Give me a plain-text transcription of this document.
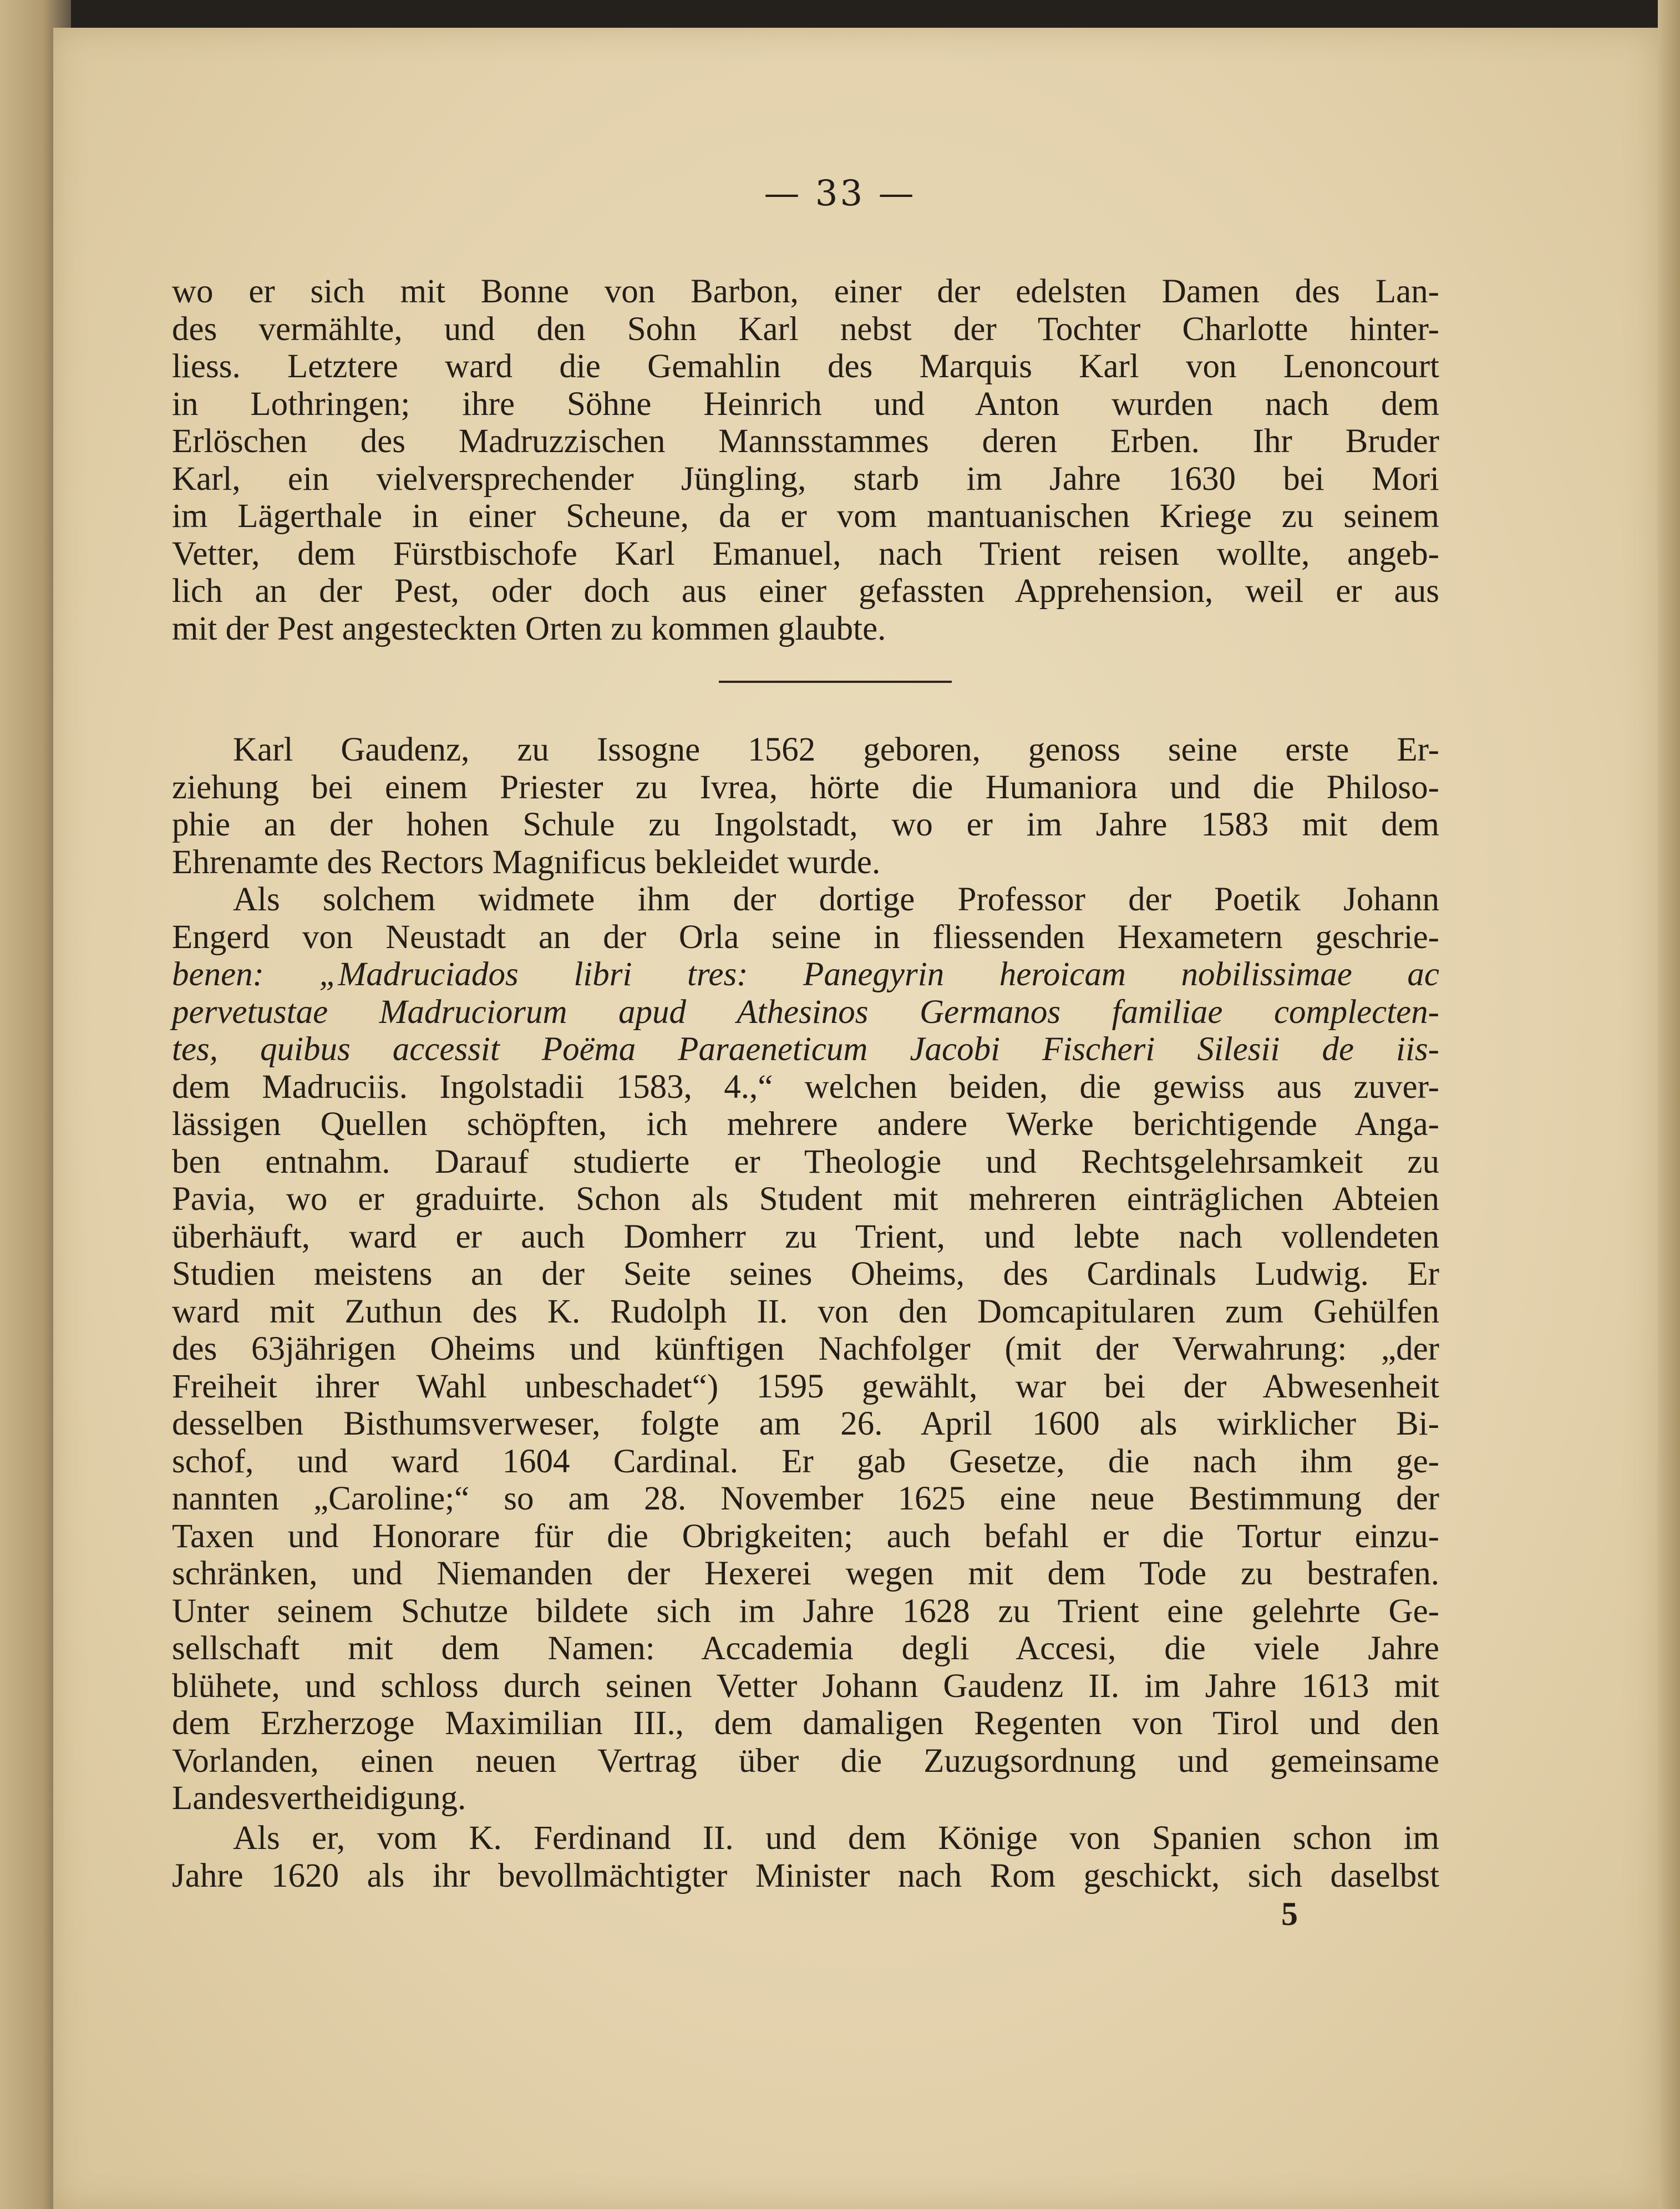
— 33 —
wo er sich mit Bonne von Barbon, einer der edelsten Damen des Lan-
des vermählte, und den Sohn Karl nebst der Tochter Charlotte hinter-
liess. Letztere ward die Gemahlin des Marquis Karl von Lenoncourt
in Lothringen; ihre Söhne Heinrich und Anton wurden nach dem
Erlöschen des Madruzzischen Mannsstammes deren Erben. Ihr Bruder
Karl, ein vielversprechender Jüngling, starb im Jahre 1630 bei Mori
im Lägerthale in einer Scheune, da er vom mantuanischen Kriege zu seinem
Vetter, dem Fürstbischofe Karl Emanuel, nach Trient reisen wollte, angeb-
lich an der Pest, oder doch aus einer gefassten Apprehension, weil er aus
mit der Pest angesteckten Orten zu kommen glaubte.
Karl Gaudenz, zu Issogne 1562 geboren, genoss seine erste Er-
ziehung bei einem Priester zu Ivrea, hörte die Humaniora und die Philoso-
phie an der hohen Schule zu Ingolstadt, wo er im Jahre 1583 mit dem
Ehrenamte des Rectors Magnificus bekleidet wurde.
Als solchem widmete ihm der dortige Professor der Poetik Johann
Engerd von Neustadt an der Orla seine in fliessenden Hexametern geschrie-
benen: „Madruciados libri tres: Panegyrin heroicam nobilissimae ac
pervetustae Madruciorum apud Athesinos Germanos familiae complecten-
tes, quibus accessit Poëma Paraeneticum Jacobi Fischeri Silesii de iis-
dem Madruciis. Ingolstadii 1583, 4.,“ welchen beiden, die gewiss aus zuver-
lässigen Quellen schöpften, ich mehrere andere Werke berichtigende Anga-
ben entnahm. Darauf studierte er Theologie und Rechtsgelehrsamkeit zu
Pavia, wo er graduirte. Schon als Student mit mehreren einträglichen Abteien
überhäuft, ward er auch Domherr zu Trient, und lebte nach vollendeten
Studien meistens an der Seite seines Oheims, des Cardinals Ludwig. Er
ward mit Zuthun des K. Rudolph II. von den Domcapitularen zum Gehülfen
des 63jährigen Oheims und künftigen Nachfolger (mit der Verwahrung: „der
Freiheit ihrer Wahl unbeschadet“) 1595 gewählt, war bei der Abwesenheit
desselben Bisthumsverweser, folgte am 26. April 1600 als wirklicher Bi-
schof, und ward 1604 Cardinal. Er gab Gesetze, die nach ihm ge-
nannten „Caroline;“ so am 28. November 1625 eine neue Bestimmung der
Taxen und Honorare für die Obrigkeiten; auch befahl er die Tortur einzu-
schränken, und Niemanden der Hexerei wegen mit dem Tode zu bestrafen.
Unter seinem Schutze bildete sich im Jahre 1628 zu Trient eine gelehrte Ge-
sellschaft mit dem Namen: Accademia degli Accesi, die viele Jahre
blühete, und schloss durch seinen Vetter Johann Gaudenz II. im Jahre 1613 mit
dem Erzherzoge Maximilian III., dem damaligen Regenten von Tirol und den
Vorlanden, einen neuen Vertrag über die Zuzugsordnung und gemeinsame
Landesvertheidigung.
Als er, vom K. Ferdinand II. und dem Könige von Spanien schon im
Jahre 1620 als ihr bevollmächtigter Minister nach Rom geschickt, sich daselbst
5
